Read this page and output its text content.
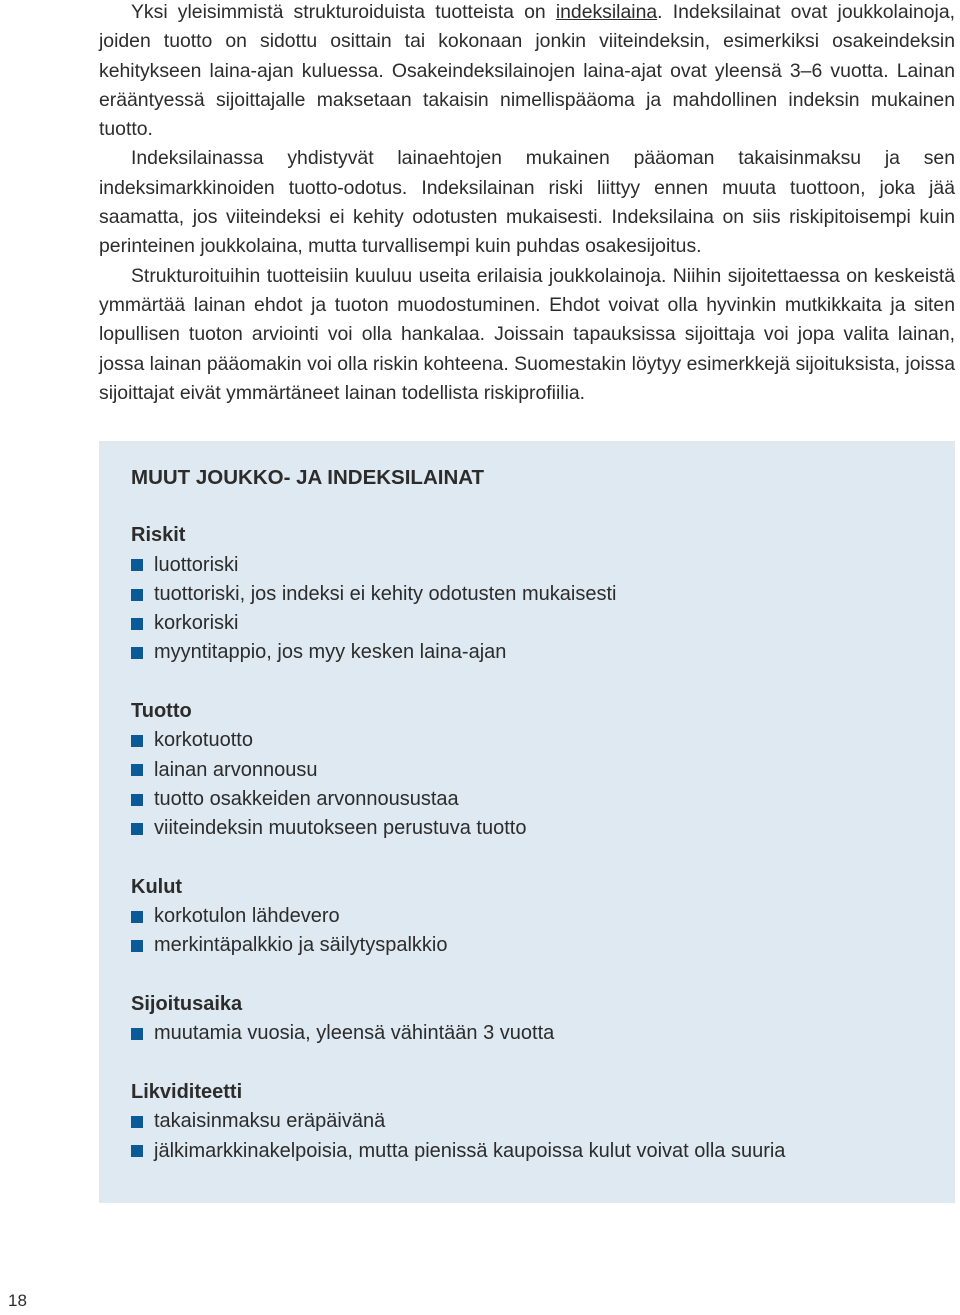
Yksi yleisimmistä strukturoiduista tuotteista on indeksilaina. Indeksilainat ovat joukkolainoja, joiden tuotto on sidottu osittain tai kokonaan jonkin viiteindeksin, esimerkiksi osakeindeksin kehitykseen laina-ajan kuluessa. Osakeindeksilainojen laina-ajat ovat yleensä 3–6 vuotta. Lainan erääntyessä sijoittajalle maksetaan takaisin nimellispääoma ja mahdollinen indeksin mukainen tuotto.

Indeksilainassa yhdistyvät lainaehtojen mukainen pääoman takaisinmaksu ja sen indeksimarkkinoiden tuotto-odotus. Indeksilainan riski liittyy ennen muuta tuottoon, joka jää saamatta, jos viiteindeksi ei kehity odotusten mukaisesti. Indeksilaina on siis riskipitoisempi kuin perinteinen joukkolaina, mutta turvallisempi kuin puhdas osakesijoitus.

Strukturoituihin tuotteisiin kuuluu useita erilaisia joukkolainoja. Niihin sijoitettaessa on keskeistä ymmärtää lainan ehdot ja tuoton muodostuminen. Ehdot voivat olla hyvinkin mutkikkaita ja siten lopullisen tuoton arviointi voi olla hankalaa. Joissain tapauksissa sijoittaja voi jopa valita lainan, jossa lainan pääomakin voi olla riskin kohteena. Suomestakin löytyy esimerkkejä sijoituksista, joissa sijoittajat eivät ymmärtäneet lainan todellista riskiprofiilia.

MUUT JOUKKO- JA INDEKSILAINAT
Riskit
luottoriski
tuottoriski, jos indeksi ei kehity odotusten mukaisesti
korkoriski
myyntitappio, jos myy kesken laina-ajan
Tuotto
korkotuotto
lainan arvonnousu
tuotto osakkeiden arvonnousustaa
viiteindeksin muutokseen perustuva tuotto
Kulut
korkotulon lähdevero
merkintäpalkkio ja säilytyspalkkio
Sijoitusaika
muutamia vuosia, yleensä vähintään 3 vuotta
Likviditeetti
takaisinmaksu eräpäivänä
jälkimarkkinakelpoisia, mutta pienissä kaupoissa kulut voivat olla suuria
18
